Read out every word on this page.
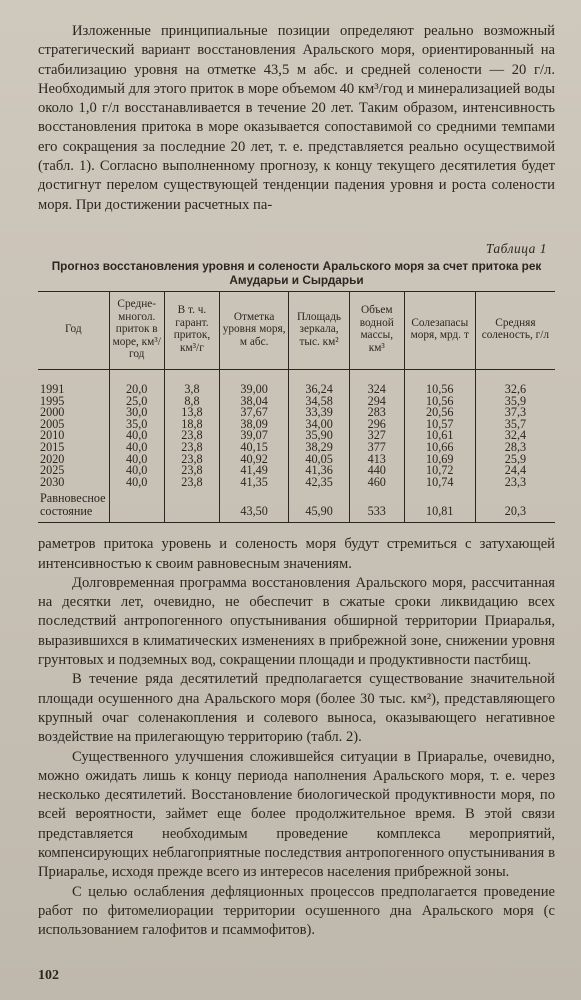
Изложенные принципиальные позиции определяют реально возможный стратегический вариант восстановления Аральского моря, ориентированный на стабилизацию уровня на отметке 43,5 м абс. и средней солености — 20 г/л. Необходимый для этого приток в море объемом 40 км³/год и минерализацией воды около 1,0 г/л восстанавливается в течение 20 лет. Таким образом, интенсивность восстановления притока в море оказывается сопоставимой со средними темпами его сокращения за последние 20 лет, т. е. представляется реально осуществимой (табл. 1). Согласно выполненному прогнозу, к концу текущего десятилетия будет достигнут перелом существующей тенденции падения уровня и роста солености моря. При достижении расчетных па-

Таблица 1
Прогноз восстановления уровня и солености Аральского моря за счет притока рек Амударьи и Сырдарьи
Год	Средне-многол. приток в море, км³/год	В т. ч. гарант. приток, км³/г	Отметка уровня моря, м абс.	Площадь зеркала, тыс. км²	Объем водной массы, км³	Солезапасы моря, мрд. т	Средняя соленость, г/л
1991	20,0	3,8	39,00	36,24	324	10,56	32,6
1995	25,0	8,8	38,04	34,58	294	10,56	35,9
2000	30,0	13,8	37,67	33,39	283	20,56	37,3
2005	35,0	18,8	38,09	34,00	296	10,57	35,7
2010	40,0	23,8	39,07	35,90	327	10,61	32,4
2015	40,0	23,8	40,15	38,29	377	10,66	28,3
2020	40,0	23,8	40,92	40,05	413	10,69	25,9
2025	40,0	23,8	41,49	41,36	440	10,72	24,4
2030	40,0	23,8	41,35	42,35	460	10,74	23,3
Равновесное							
состояние			43,50	45,90	533	10,81	20,3

раметров притока уровень и соленость моря будут стремиться с затухающей интенсивностью к своим равновесным значениям.

Долговременная программа восстановления Аральского моря, рассчитанная на десятки лет, очевидно, не обеспечит в сжатые сроки ликвидацию всех последствий антропогенного опустынивания обширной территории Приаралья, выразившихся в климатических изменениях в прибрежной зоне, снижении уровня грунтовых и подземных вод, сокращении площади и продуктивности пастбищ.

В течение ряда десятилетий предполагается существование значительной площади осушенного дна Аральского моря (более 30 тыс. км²), представляющего крупный очаг соленакопления и солевого выноса, оказывающего негативное воздействие на прилегающую территорию (табл. 2).

Существенного улучшения сложившейся ситуации в Приаралье, очевидно, можно ожидать лишь к концу периода наполнения Аральского моря, т. е. через несколько десятилетий. Восстановление биологической продуктивности моря, по всей вероятности, займет еще более продолжительное время. В этой связи представляется необходимым проведение комплекса мероприятий, компенсирующих неблагоприятные последствия антропогенного опустынивания в Приаралье, исходя прежде всего из интересов населения прибрежной зоны.

С целью ослабления дефляционных процессов предполагается проведение работ по фитомелиорации территории осушенного дна Аральского моря (с использованием галофитов и псаммофитов).

102
